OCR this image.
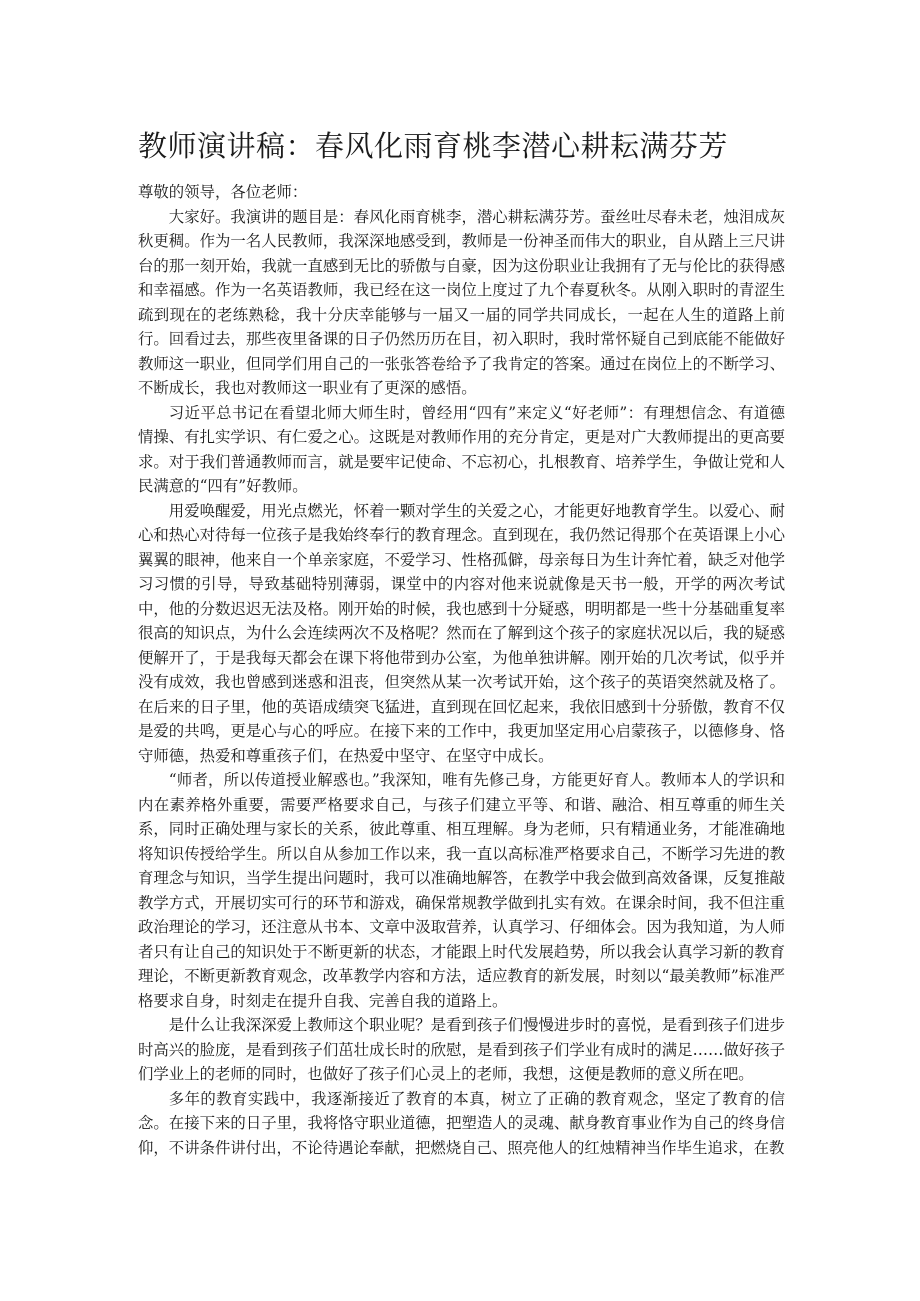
教师演讲稿：春风化雨育桃李潜心耕耘满芬芳

尊敬的领导，各位老师：

大家好。我演讲的题目是：春风化雨育桃李，潜心耕耘满芬芳。蚕丝吐尽春未老，烛泪成灰秋更稠。作为一名人民教师，我深深地感受到，教师是一份神圣而伟大的职业，自从踏上三尺讲台的那一刻开始，我就一直感到无比的骄傲与自豪，因为这份职业让我拥有了无与伦比的获得感和幸福感。作为一名英语教师，我已经在这一岗位上度过了九个春夏秋冬。从刚入职时的青涩生疏到现在的老练熟稔，我十分庆幸能够与一届又一届的同学共同成长，一起在人生的道路上前行。回看过去，那些夜里备课的日子仍然历历在目，初入职时，我时常怀疑自己到底能不能做好教师这一职业，但同学们用自己的一张张答卷给予了我肯定的答案。通过在岗位上的不断学习、不断成长，我也对教师这一职业有了更深的感悟。

习近平总书记在看望北师大师生时，曾经用“四有”来定义“好老师”：有理想信念、有道德情操、有扎实学识、有仁爱之心。这既是对教师作用的充分肯定，更是对广大教师提出的更高要求。对于我们普通教师而言，就是要牢记使命、不忘初心，扎根教育、培养学生，争做让党和人民满意的“四有”好教师。

用爱唤醒爱，用光点燃光，怀着一颗对学生的关爱之心，才能更好地教育学生。以爱心、耐心和热心对待每一位孩子是我始终奉行的教育理念。直到现在，我仍然记得那个在英语课上小心翼翼的眼神，他来自一个单亲家庭，不爱学习、性格孤僻，母亲每日为生计奔忙着，缺乏对他学习习惯的引导，导致基础特别薄弱，课堂中的内容对他来说就像是天书一般，开学的两次考试中，他的分数迟迟无法及格。刚开始的时候，我也感到十分疑惑，明明都是一些十分基础重复率很高的知识点，为什么会连续两次不及格呢？然而在了解到这个孩子的家庭状况以后，我的疑惑便解开了，于是我每天都会在课下将他带到办公室，为他单独讲解。刚开始的几次考试，似乎并没有成效，我也曾感到迷惑和沮丧，但突然从某一次考试开始，这个孩子的英语突然就及格了。在后来的日子里，他的英语成绩突飞猛进，直到现在回忆起来，我依旧感到十分骄傲，教育不仅是爱的共鸣，更是心与心的呼应。在接下来的工作中，我更加坚定用心启蒙孩子，以德修身、恪守师德，热爱和尊重孩子们，在热爱中坚守、在坚守中成长。

“师者，所以传道授业解惑也。”我深知，唯有先修己身，方能更好育人。教师本人的学识和内在素养格外重要，需要严格要求自己，与孩子们建立平等、和谐、融洽、相互尊重的师生关系，同时正确处理与家长的关系，彼此尊重、相互理解。身为老师，只有精通业务，才能准确地将知识传授给学生。所以自从参加工作以来，我一直以高标准严格要求自己，不断学习先进的教育理念与知识，当学生提出问题时，我可以准确地解答，在教学中我会做到高效备课，反复推敲教学方式，开展切实可行的环节和游戏，确保常规教学做到扎实有效。在课余时间，我不但注重政治理论的学习，还注意从书本、文章中汲取营养，认真学习、仔细体会。因为我知道，为人师者只有让自己的知识处于不断更新的状态，才能跟上时代发展趋势，所以我会认真学习新的教育理论，不断更新教育观念，改革教学内容和方法，适应教育的新发展，时刻以“最美教师”标准严格要求自身，时刻走在提升自我、完善自我的道路上。

是什么让我深深爱上教师这个职业呢？是看到孩子们慢慢进步时的喜悦，是看到孩子们进步时高兴的脸庞，是看到孩子们茁壮成长时的欣慰，是看到孩子们学业有成时的满足……做好孩子们学业上的老师的同时，也做好了孩子们心灵上的老师，我想，这便是教师的意义所在吧。

多年的教育实践中，我逐渐接近了教育的本真，树立了正确的教育观念，坚定了教育的信念。在接下来的日子里，我将恪守职业道德，把塑造人的灵魂、献身教育事业作为自己的终身信仰，不讲条件讲付出，不论待遇论奉献，把燃烧自己、照亮他人的红烛精神当作毕生追求，在教
